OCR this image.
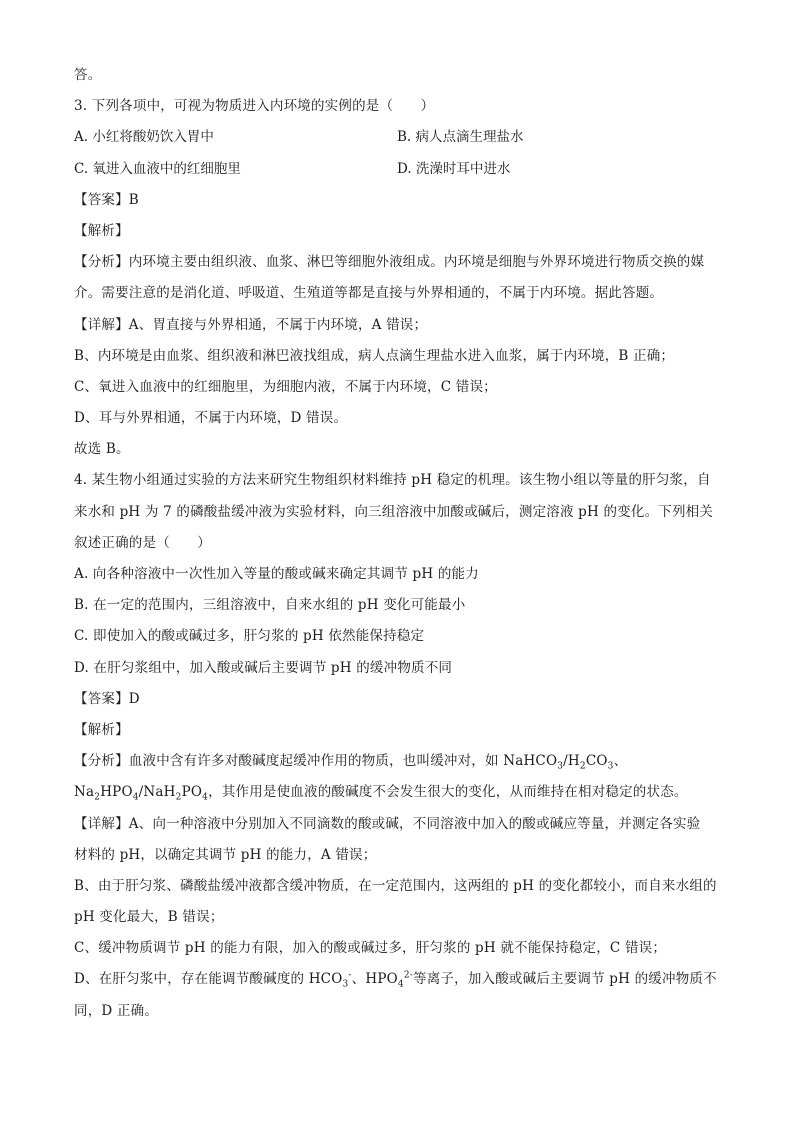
答。
3. 下列各项中，可视为物质进入内环境的实例的是（　　）
A. 小红将酸奶饮入胃中	B. 病人点滴生理盐水
C. 氧进入血液中的红细胞里	D. 洗澡时耳中进水
【答案】B
【解析】
【分析】内环境主要由组织液、血浆、淋巴等细胞外液组成。内环境是细胞与外界环境进行物质交换的媒
介。需要注意的是消化道、呼吸道、生殖道等都是直接与外界相通的，不属于内环境。据此答题。
【详解】A、胃直接与外界相通，不属于内环境，A 错误；
B、内环境是由血浆、组织液和淋巴液找组成，病人点滴生理盐水进入血浆，属于内环境，B 正确；
C、氧进入血液中的红细胞里，为细胞内液，不属于内环境，C 错误；
D、耳与外界相通，不属于内环境，D 错误。
故选 B。
4. 某生物小组通过实验的方法来研究生物组织材料维持 pH 稳定的机理。该生物小组以等量的肝匀浆，自
来水和 pH 为 7 的磷酸盐缓冲液为实验材料，向三组溶液中加酸或碱后，测定溶液 pH 的变化。下列相关
叙述正确的是（　　）
A. 向各种溶液中一次性加入等量的酸或碱来确定其调节 pH 的能力
B. 在一定的范围内，三组溶液中，自来水组的 pH 变化可能最小
C. 即使加入的酸或碱过多，肝匀浆的 pH 依然能保持稳定
D. 在肝匀浆组中，加入酸或碱后主要调节 pH 的缓冲物质不同
【答案】D
【解析】
【分析】血液中含有许多对酸碱度起缓冲作用的物质，也叫缓冲对，如 $NaHCO_3/H_2CO_3$、
$Na_2HPO_4/NaH_2PO_4$，其作用是使血液的酸碱度不会发生很大的变化，从而维持在相对稳定的状态。
【详解】A、向一种溶液中分别加入不同滴数的酸或碱，不同溶液中加入的酸或碱应等量，并测定各实验
材料的 pH，以确定其调节 pH 的能力，A 错误；
B、由于肝匀浆、磷酸盐缓冲液都含缓冲物质，在一定范围内，这两组的 pH 的变化都较小，而自来水组的
pH 变化最大，B 错误；
C、缓冲物质调节 pH 的能力有限，加入的酸或碱过多，肝匀浆的 pH 就不能保持稳定，C 错误；
D、在肝匀浆中，存在能调节酸碱度的 $HCO_3^-$、$HPO_4^{2-}$等离子，加入酸或碱后主要调节 pH 的缓冲物质不
同，D 正确。
